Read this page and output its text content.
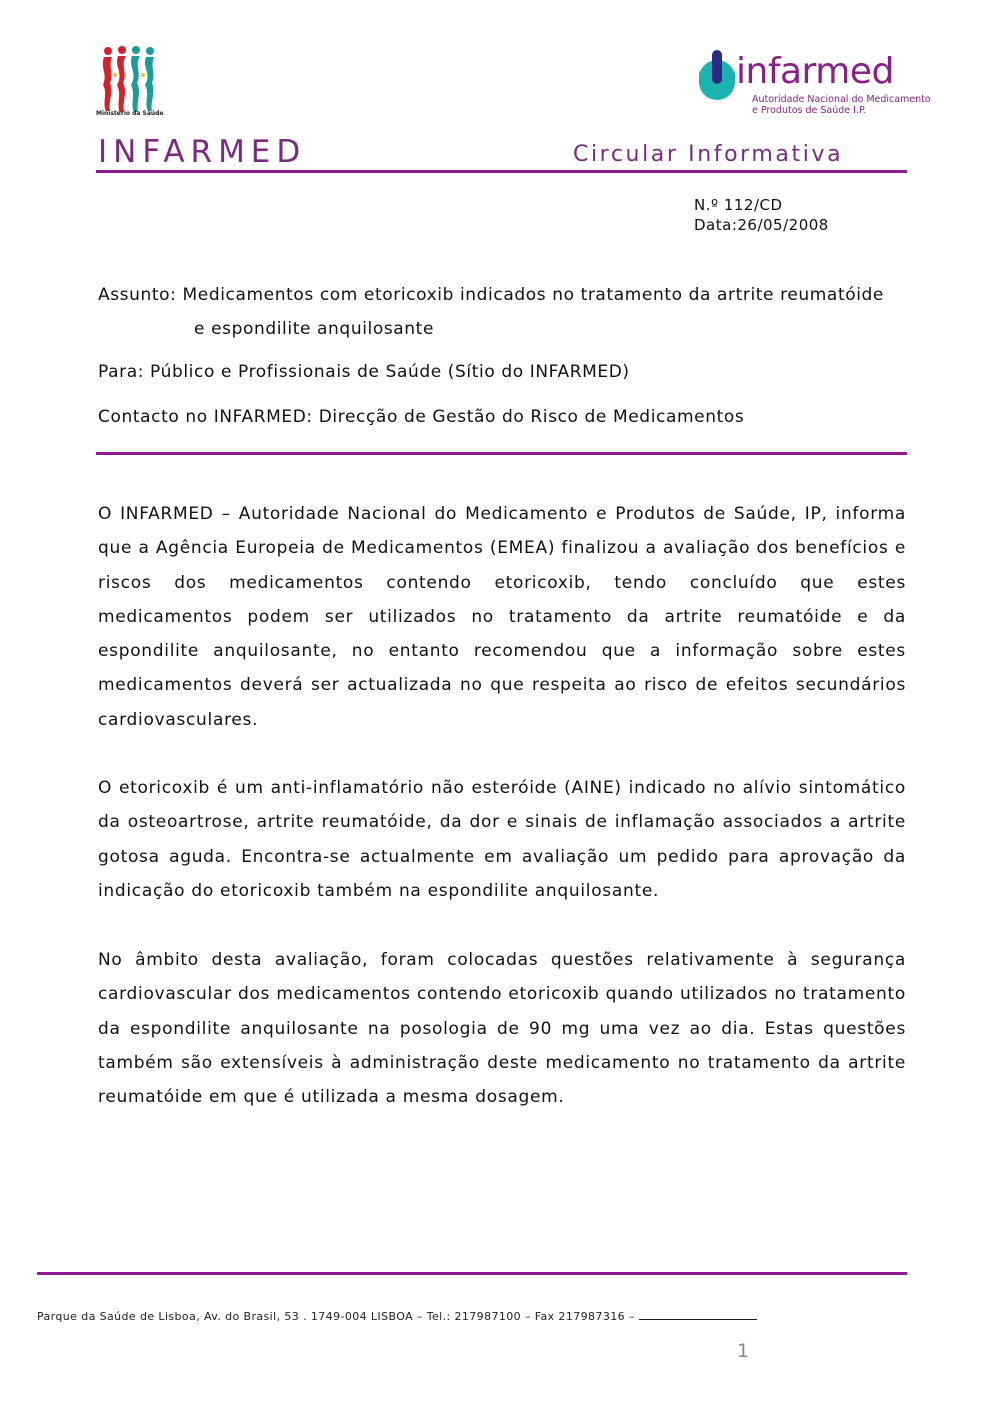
Ministério da Saúde
infarmed
Autoridade Nacional do Medicamento
e Produtos de Saúde I.P.
INFARMED	Circular Informativa
N.º 112/CD
Data:26/05/2008
Assunto: Medicamentos com etoricoxib indicados no tratamento da artrite reumatóide
e espondilite anquilosante
Para: Público e Profissionais de Saúde (Sítio do INFARMED)
Contacto no INFARMED: Direcção de Gestão do Risco de Medicamentos

O INFARMED – Autoridade Nacional do Medicamento e Produtos de Saúde, IP, informa que a Agência Europeia de Medicamentos (EMEA) finalizou a avaliação dos benefícios e riscos dos medicamentos contendo etoricoxib, tendo concluído que estes medicamentos podem ser utilizados no tratamento da artrite reumatóide e da espondilite anquilosante, no entanto recomendou que a informação sobre estes medicamentos deverá ser actualizada no que respeita ao risco de efeitos secundários cardiovasculares.

O etoricoxib é um anti-inflamatório não esteróide (AINE) indicado no alívio sintomático da osteoartrose, artrite reumatóide, da dor e sinais de inflamação associados a artrite gotosa aguda. Encontra-se actualmente em avaliação um pedido para aprovação da indicação do etoricoxib também na espondilite anquilosante.

No âmbito desta avaliação, foram colocadas questões relativamente à segurança cardiovascular dos medicamentos contendo etoricoxib quando utilizados no tratamento da espondilite anquilosante na posologia de 90 mg uma vez ao dia. Estas questões também são extensíveis à administração deste medicamento no tratamento da artrite reumatóide em que é utilizada a mesma dosagem.

Parque da Saúde de Lisboa, Av. do Brasil, 53 . 1749-004 LISBOA – Tel.: 217987100 – Fax 217987316 –
1
